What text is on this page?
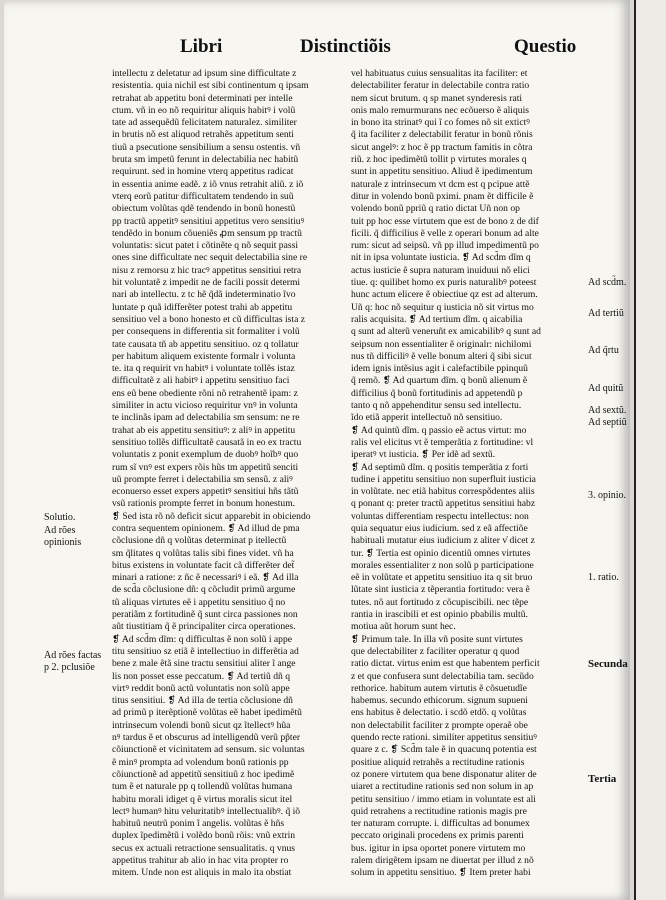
Libri	Distinctiõis	Questio

intellectu z deletatur ad ipsum sine difficultate z

resistentia. quia nichil est sibi continentum q ipsam

retrahat ab appetitu boni determinati per intelle

ctum. vñ in eo nõ requiritur aliquis habitꝰ i volũ

tate ad assequẽdũ felicitatem naturalez. similiter

in brutis nõ est aliquod retrahẽs appetitum senti

tiuũ a psecutione sensibilium a sensu ostentis. vñ

bruta sm impetũ ferunt in delectabilia nec habitũ

requirunt. sed in homine vterq appetitus radicat

in essentia anime eadẽ. z iõ vnus retrahit aliũ. z iõ

vterq eorũ patitur difficultatem tendendo in suũ

obiectum volũtas qdẽ tendendo in bonũ honestũ

pp tractũ appetitꝰ sensitiui appetitus vero sensitiuꝰ

tendẽdo in bonum cõueniẽs ꝓm sensum pp tractũ

voluntatis: sicut patet i cõtinẽte q nõ sequit passi

ones sine difficultate nec sequit delectabilia sine re

nisu z remorsu z hic tracꝰ appetitus sensitiui retra

hit voluntatẽ z impedit ne de facili possit determi

nari ab intellectu. z tc hẽ q̃dã indeterminatio ĩvo

luntate p quã idifferẽter potest trahi ab appetitu

sensitiuo vel a bono honesto et cũ difficultas ista z

per consequens in differentia sit formaliter i volũ

tate causata tñ ab appetitu sensitiuo. oz q tollatur

per habitum aliquem existente formalr i volunta

te. ita q requirit vn habitꝰ i voluntate tollẽs istaz

difficultatẽ z ali habitꝰ i appetitu sensitiuo faci

ens eũ bene obediente rõni nõ retrahentẽ ipam: z

similiter in actu vicioso requiritur vnꝰ in volunta

te inclinãs ipam ad delectabilia sm sensum: ne re

trahat ab eis appetitu sensitiuꝰ: z aliꝰ in appetitu

sensitiuo tollẽs difficultatẽ causatã in eo ex tractu

voluntatis z ponit exemplum de duobꝰ hoĩbꝰ quo

rum sĩ vnꝰ est expers rõis hũs tm appetitũ senciti

uũ prompte ferret i delectabilia sm sensũ. z aliꝰ

econuerso esset expers appetitꝰ sensitiui hñs tãtũ

vsũ rationis prompte ferret in bonum honestum.

❡ Sed ista rõ nõ deficit sicut apparebit in obiciendo

contra sequentem opinionem. ❡ Ad illud de pma

cõclusione dñ q volũtas determinat p itellectũ

sm q̃litates q volũtas talis sibi fines videt. vñ ha

bitus existens in voluntate facit cã differẽter det̃

minari a ratione: z ñc ẽ necessariꝰ i eã. ❡ Ad illa

de scd̃a cõclusione dñ: q cõcludit primũ argume

tũ aliquas virtutes eẽ i appetitu sensitiuo q̃ no

peratiãm z fortitudinẽ q̃ sunt circa passiones non

aũt tiustitiam q̃ ẽ principaliter circa operationes.

❡ Ad scd̃m dĩm: q difficultas ẽ non solũ i appe

titu sensitiuo sz etiã ẽ intellectiuo in differẽtia ad

bene z male ẽtã sine tractu sensitiui aliter ĩ ange

lis non posset esse peccatum. ❡ Ad tertiũ dñ q

virtꝰ reddit bonũ actũ voluntatis non solũ appe

titus sensitiui. ❡ Ad illa de tertia cõclusione dñ

ad primũ p iterẽptionẽ volũtas eẽ habet ipedimẽtũ

intrinsecum volendi bonũ sicut qz ĩtellectꝰ hũa

nꝰ tardus ẽ et obscurus ad intelligendũ verũ pp̃ter

cõiunctionẽ et vicinitatem ad sensum. sic voluntas

ẽ minꝰ prompta ad volendum bonũ rationis pp

cõiunctionẽ ad appetitũ sensitiuũ z hoc ipedimẽ

tum ẽ et naturale pp q tollendũ volũtas humana

habitu morali idiget q ẽ virtus moralis sicut itel

lectꝰ humanꝰ hitu veluritatibꝰ intellectualibꝰ. q̃ iõ

habituũ neutrũ ponim ĩ angelis. volũtas ẽ hñs

duplex ĩpedimẽtũ i volẽdo bonũ rõis: vnũ extrin

secus ex actuali retractione sensualitatis. q vnus

appetitus trahitur ab alio in hac vita propter ro

mitem. Unde non est aliquis in malo ita obstiat

vel habituatus cuius sensualitas ita faciliter: et

delectabiliter feratur in delectabile contra ratio

nem sicut brutum. q sp manet synderesis rati

onis malo remurmurans nec ecõuerso ẽ aliquis

in bono ita strinatꝰ qui ĩ co fomes nõ sit extictꝰ

q̃ ita faciliter z delectabilit feratur in bonũ rõnis

sicut angelꝰ: z hoc ẽ pp tractum famitis in cõtra

riũ. z hoc ipedimẽtũ tollit p virtutes morales q

sunt in appetitu sensitiuo. Aliud ẽ ipedimentum

naturale z intrinsecum vt dcm est q pcipue attẽ

ditur in volendo bonũ pximi. pnam ẽt difficile ẽ

volendo bonũ ppriũ q ratio dictat Uñ non op

tuit pp hoc esse virtutem que est de bono z de dif

ficili. q̃ difficilius ẽ velle z operari bonum ad alte

rum: sicut ad seipsũ. vñ pp illud impedimentũ po

nit in ipsa voluntate iusticia. ❡ Ad scd̃m dĩm q

actus iusticie ẽ supra naturam inuiduui nõ elici

tiue. q: quilibet homo ex puris naturalibꝰ poteest

hunc actum elicere ẽ obiectiue qz est ad alterum.

Uñ q: hoc nõ sequitur q iusticia nõ sit virtus mo

ralis acquisita. ❡ Ad tertium dĩm. q aicabilia

q sunt ad alterũ veneruñt ex amicabilibꝰ q sunt ad

seipsum non essentialiter ẽ originalr: nichilomi

nus tñ difficiliꝰ ẽ velle bonum alteri q̃ sibi sicut

idem ignis intẽsius agit i calefactibile ppinquũ

q̃ remõ. ❡ Ad quartum dĩm. q bonũ alienum ẽ

difficilius q̃ bonũ fortitudinis ad appetendũ p

tanto q nõ appehenditur sensu sed intellectu.

ĩdo etiã apperit intellectuõ nõ sensitiuo.

❡ Ad quintũ dĩm. q passio eẽ actus virtut: mo

ralis vel elicitus vt ẽ temperãtia z fortitudine: vl

iperatꝰ vt iusticia. ❡ Per idẽ ad sextũ.

❡ Ad septimũ dĩm. q positis temperãtia z forti

tudine i appetitu sensitiuo non superfluit iusticia

in volũtate. nec etiã habitus correspõdentes aliis

q ponant q: preter tractũ appetitus sensitiui habz

voluntas differentiam respectu intellectus: non

quia sequatur eius iudicium. sed z eã affectiõe

habituali mutatur eius iudicium z aliter v̓ dicet z

tur. ❡ Tertia est opinio dicentiũ omnes virtutes

morales essentialiter z non solũ p participatione

eẽ in volũtate et appetitu sensitiuo ita q sit bruo

lũtate sint iusticia z tẽperantia fortitudo: vera ẽ

tutes. nõ aut fortitudo z cõcupiscibili. nec tẽpe

rantia in irascibili et est opinio pbabilis multũ.

motiua aũt horum sunt hec.

❡ Primum tale. In illa vñ posite sunt virtutes

que delectabiliter z faciliter operatur q quod

ratio dictat. virtus enim est que habentem perficit

z et que confusera sunt delectabilia tam. secũdo

rethorice. habitum autem virtutis ẽ cõsuetudĩe

habemus. secundo ethicorum. signum supueni

ens habitus ẽ delectatio. i scdõ etdõ. q volũtas

non delectabilit faciliter z prompte operaẽ obe

quendo recte rationi. similiter appetitus sensitiuꝰ

quare z c. ❡ Scd̃m tale ẽ in quacunq potentia est

positiue aliquid retrahẽs a rectitudine rationis

oz ponere virtutem qua bene disponatur aliter de

uiaret a rectitudine rationis sed non solum in ap

petitu sensitiuo / immo etiam in voluntate est ali

quid retrahens a rectitudine rationis magis pre

ter naturam corrupte. i. difficultas ad bonumex

peccato originali procedens ex primis parenti

bus. igitur in ipsa oportet ponere virtutem mo

ralem dirigẽtem ipsam ne diuertat per illud z nõ

solum in appetitu sensitiuo. ❡ Item preter habi

Solutio.
Ad rões opinionis
Ad rões factas p 2. pclusiõe
Ad scd̃m.
Ad tertiũ
Ad q̃rtu
Ad quitũ
Ad sextũ. Ad septiũ
3. opinio.
1. ratio.
Secunda
Tertia
